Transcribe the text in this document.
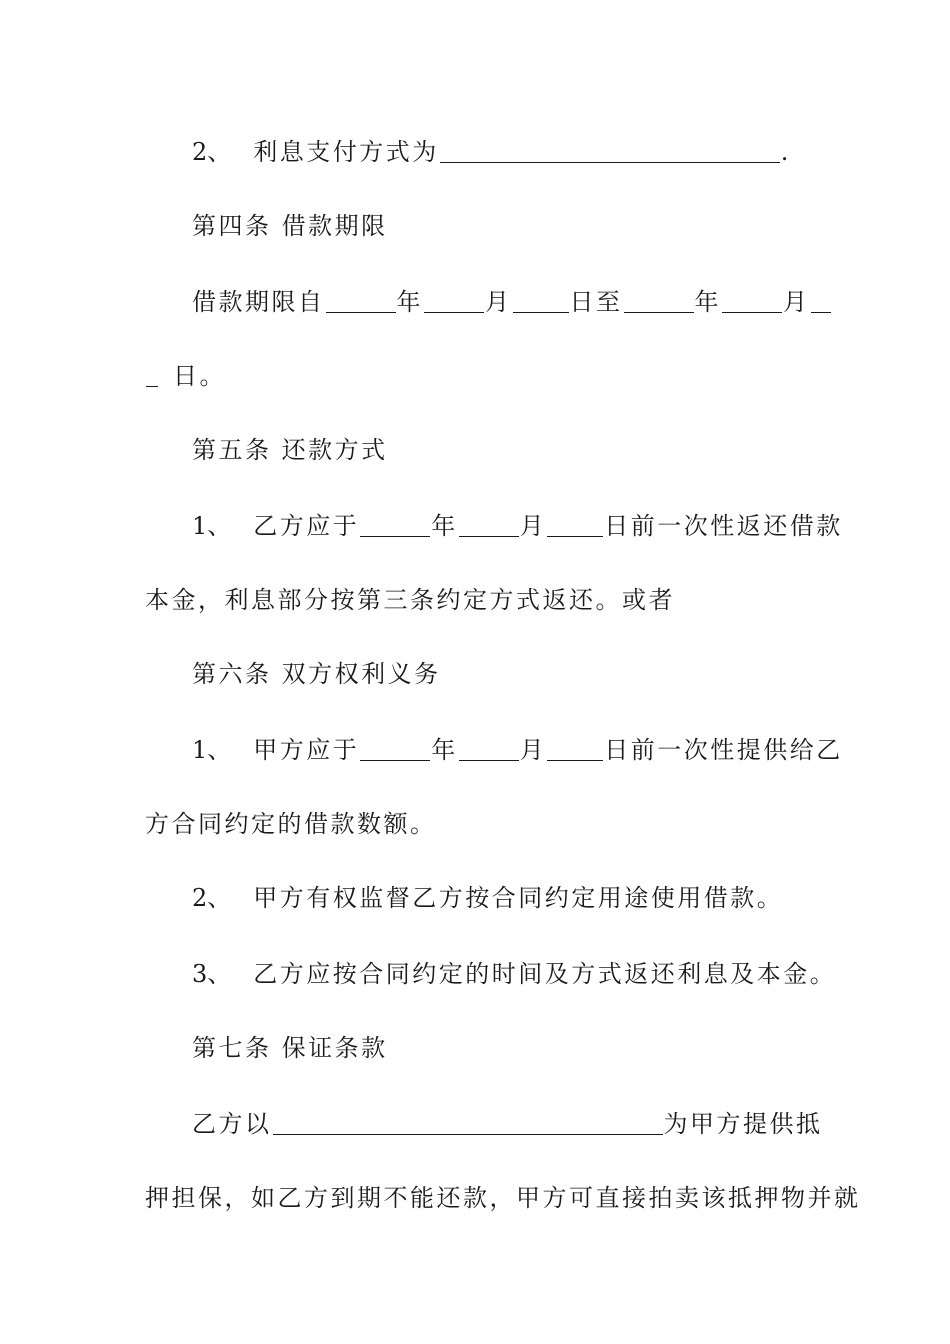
2、 利息支付方式为	.
第四条 借款期限
借款期限自	年	月 日至	年	月
日。
第五条 还款方式
1、 乙方应于	年	月 日前一次性返还借款
本金，利息部分按第三条约定方式返还。或者
第六条 双方权利义务
1、 甲方应于	年	月 日前一次性提供给乙
方合同约定的借款数额。
2、 甲方有权监督乙方按合同约定用途使用借款。
3、 乙方应按合同约定的时间及方式返还利息及本金。
第七条 保证条款
乙方以	为甲方提供抵
押担保，如乙方到期不能还款，甲方可直接拍卖该抵押物并就
